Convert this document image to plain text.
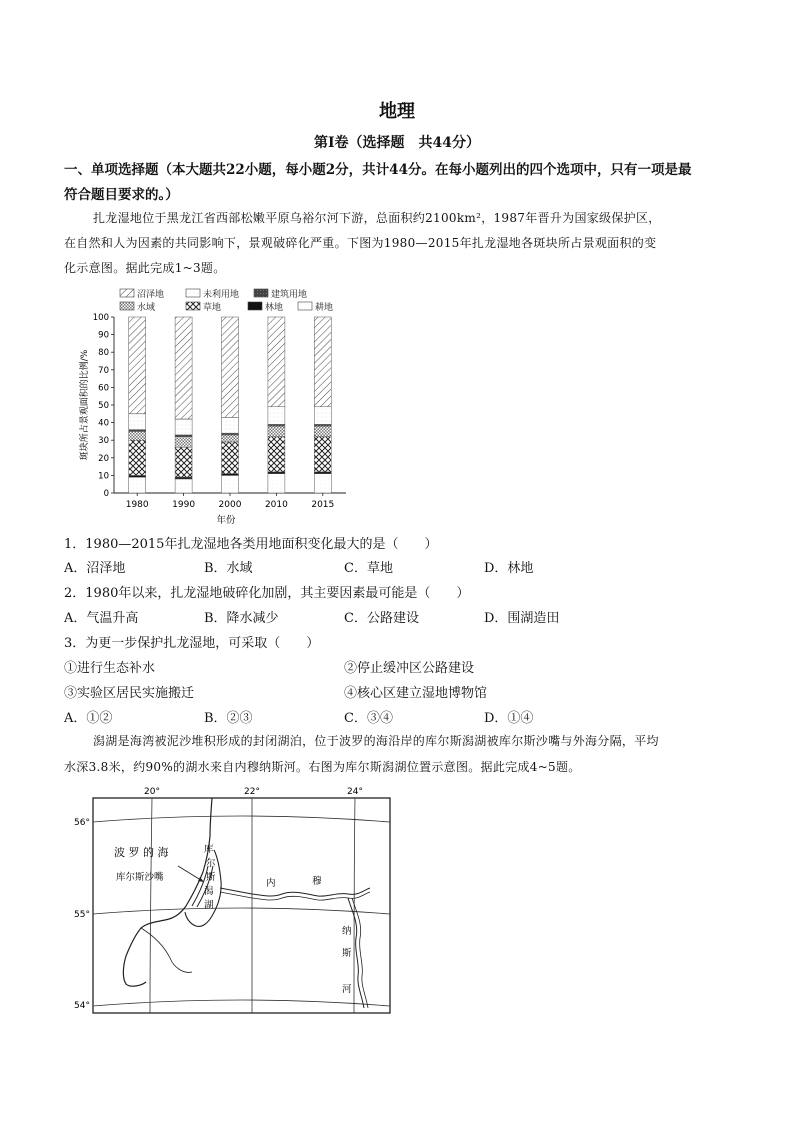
地理
第Ⅰ卷（选择题　共44分）
一、单项选择题（本大题共22小题，每小题2分，共计44分。在每小题列出的四个选项中，只有一项是最
符合题目要求的。）
扎龙湿地位于黑龙江省西部松嫩平原乌裕尔河下游，总面积约2100km²，1987年晋升为国家级保护区，
在自然和人为因素的共同影响下，景观破碎化严重。下图为1980—2015年扎龙湿地各斑块所占景观面积的变
化示意图。据此完成1~3题。
沼泽地	未利用地	建筑用地
水域	草地	林地	耕地
0
10
20
30
40
50
60
70
80
90
100
斑块所占景观面积的比例/%
年份
1980	1990	2000	2010	2015
1．1980—2015年扎龙湿地各类用地面积变化最大的是（　　）
A．沼泽地	B．水域	C．草地	D．林地
2．1980年以来，扎龙湿地破碎化加剧，其主要因素最可能是（　　）
A．气温升高	B．降水减少	C．公路建设	D．围湖造田
3．为更一步保护扎龙湿地，可采取（　　）
①进行生态补水	②停止缓冲区公路建设
③实验区居民实施搬迁	④核心区建立湿地博物馆
A．①②	B．②③	C．③④	D．①④
潟湖是海湾被泥沙堆积形成的封闭湖泊，位于波罗的海沿岸的库尔斯潟湖被库尔斯沙嘴与外海分隔，平均
水深3.8米，约90%的湖水来自内穆纳斯河。右图为库尔斯潟湖位置示意图。据此完成4~5题。
20°	22°	24°
56°
55°
54°
波 罗 的 海
库尔斯沙嘴
库
尔
斯
潟
湖
内	穆
纳
斯
河
